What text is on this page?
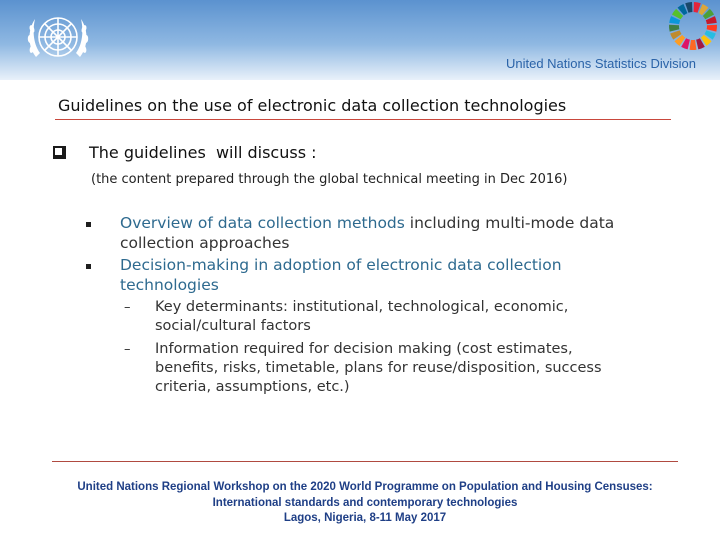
United Nations Statistics Division
Guidelines on the use of electronic data collection technologies
The guidelines  will discuss :
(the content prepared through the global technical meeting in Dec 2016)
Overview of data collection methods including multi-mode data
collection approaches
Decision-making in adoption of electronic data collection
technologies
– Key determinants: institutional, technological, economic,
social/cultural factors
– Information required for decision making (cost estimates,
benefits, risks, timetable, plans for reuse/disposition, success
criteria, assumptions, etc.)
United Nations Regional Workshop on the 2020 World Programme on Population and Housing Censuses:
International standards and contemporary technologies
Lagos, Nigeria, 8-11 May 2017
